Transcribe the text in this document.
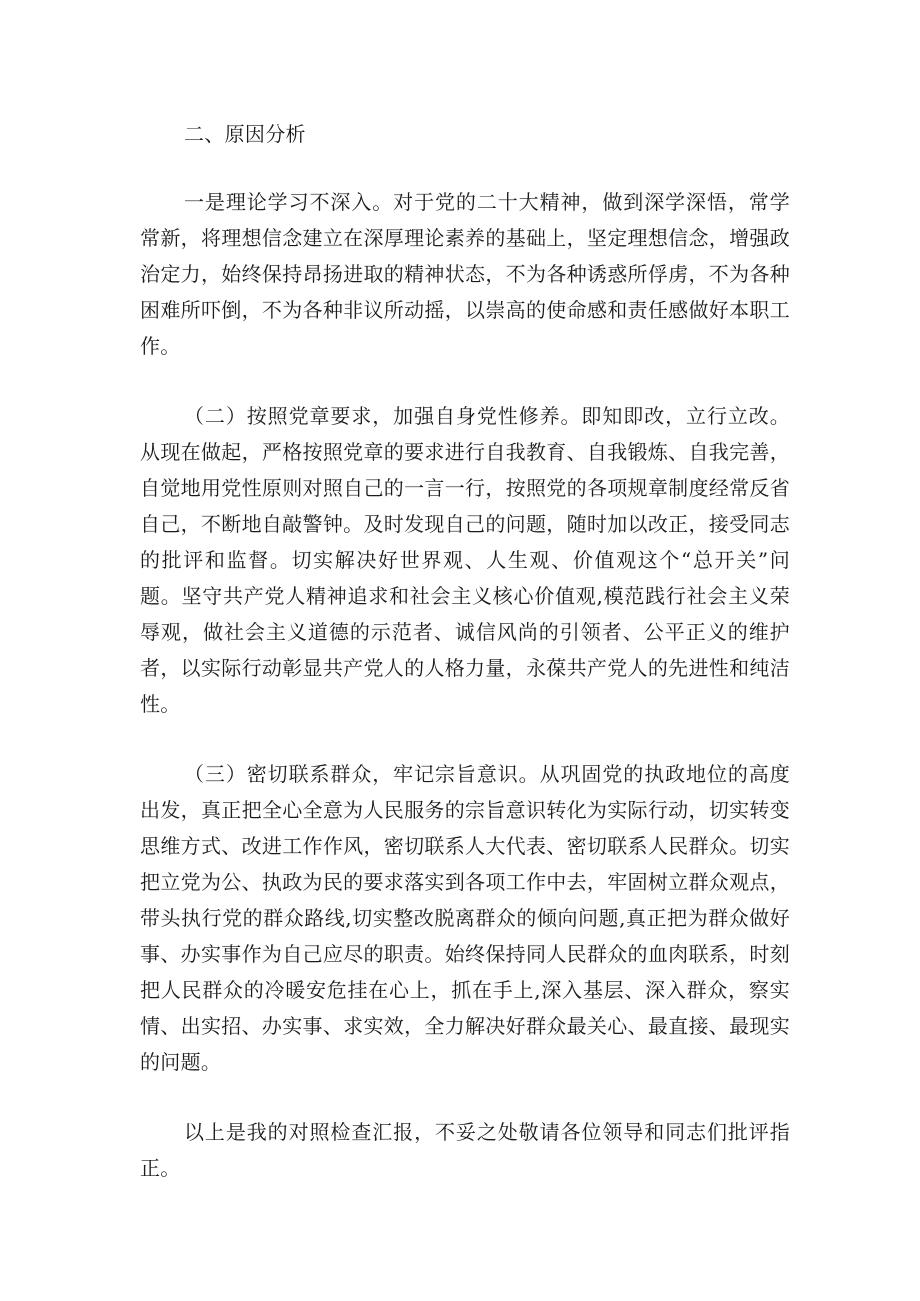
二、原因分析

一是理论学习不深入。对于党的二十大精神，做到深学深悟，常学常新，将理想信念建立在深厚理论素养的基础上，坚定理想信念，增强政治定力，始终保持昂扬进取的精神状态，不为各种诱惑所俘虏，不为各种困难所吓倒，不为各种非议所动摇，以崇高的使命感和责任感做好本职工作。

（二）按照党章要求，加强自身党性修养。即知即改，立行立改。从现在做起，严格按照党章的要求进行自我教育、自我锻炼、自我完善，自觉地用党性原则对照自己的一言一行，按照党的各项规章制度经常反省自己，不断地自敲警钟。及时发现自己的问题，随时加以改正，接受同志的批评和监督。切实解决好世界观、人生观、价值观这个“总开关”问题。坚守共产党人精神追求和社会主义核心价值观,模范践行社会主义荣辱观，做社会主义道德的示范者、诚信风尚的引领者、公平正义的维护者，以实际行动彰显共产党人的人格力量，永葆共产党人的先进性和纯洁性。

（三）密切联系群众，牢记宗旨意识。从巩固党的执政地位的高度出发，真正把全心全意为人民服务的宗旨意识转化为实际行动，切实转变思维方式、改进工作作风，密切联系人大代表、密切联系人民群众。切实把立党为公、执政为民的要求落实到各项工作中去，牢固树立群众观点，带头执行党的群众路线,切实整改脱离群众的倾向问题,真正把为群众做好事、办实事作为自己应尽的职责。始终保持同人民群众的血肉联系，时刻把人民群众的冷暖安危挂在心上，抓在手上,深入基层、深入群众，察实情、出实招、办实事、求实效，全力解决好群众最关心、最直接、最现实的问题。

以上是我的对照检查汇报，不妥之处敬请各位领导和同志们批评指正。
